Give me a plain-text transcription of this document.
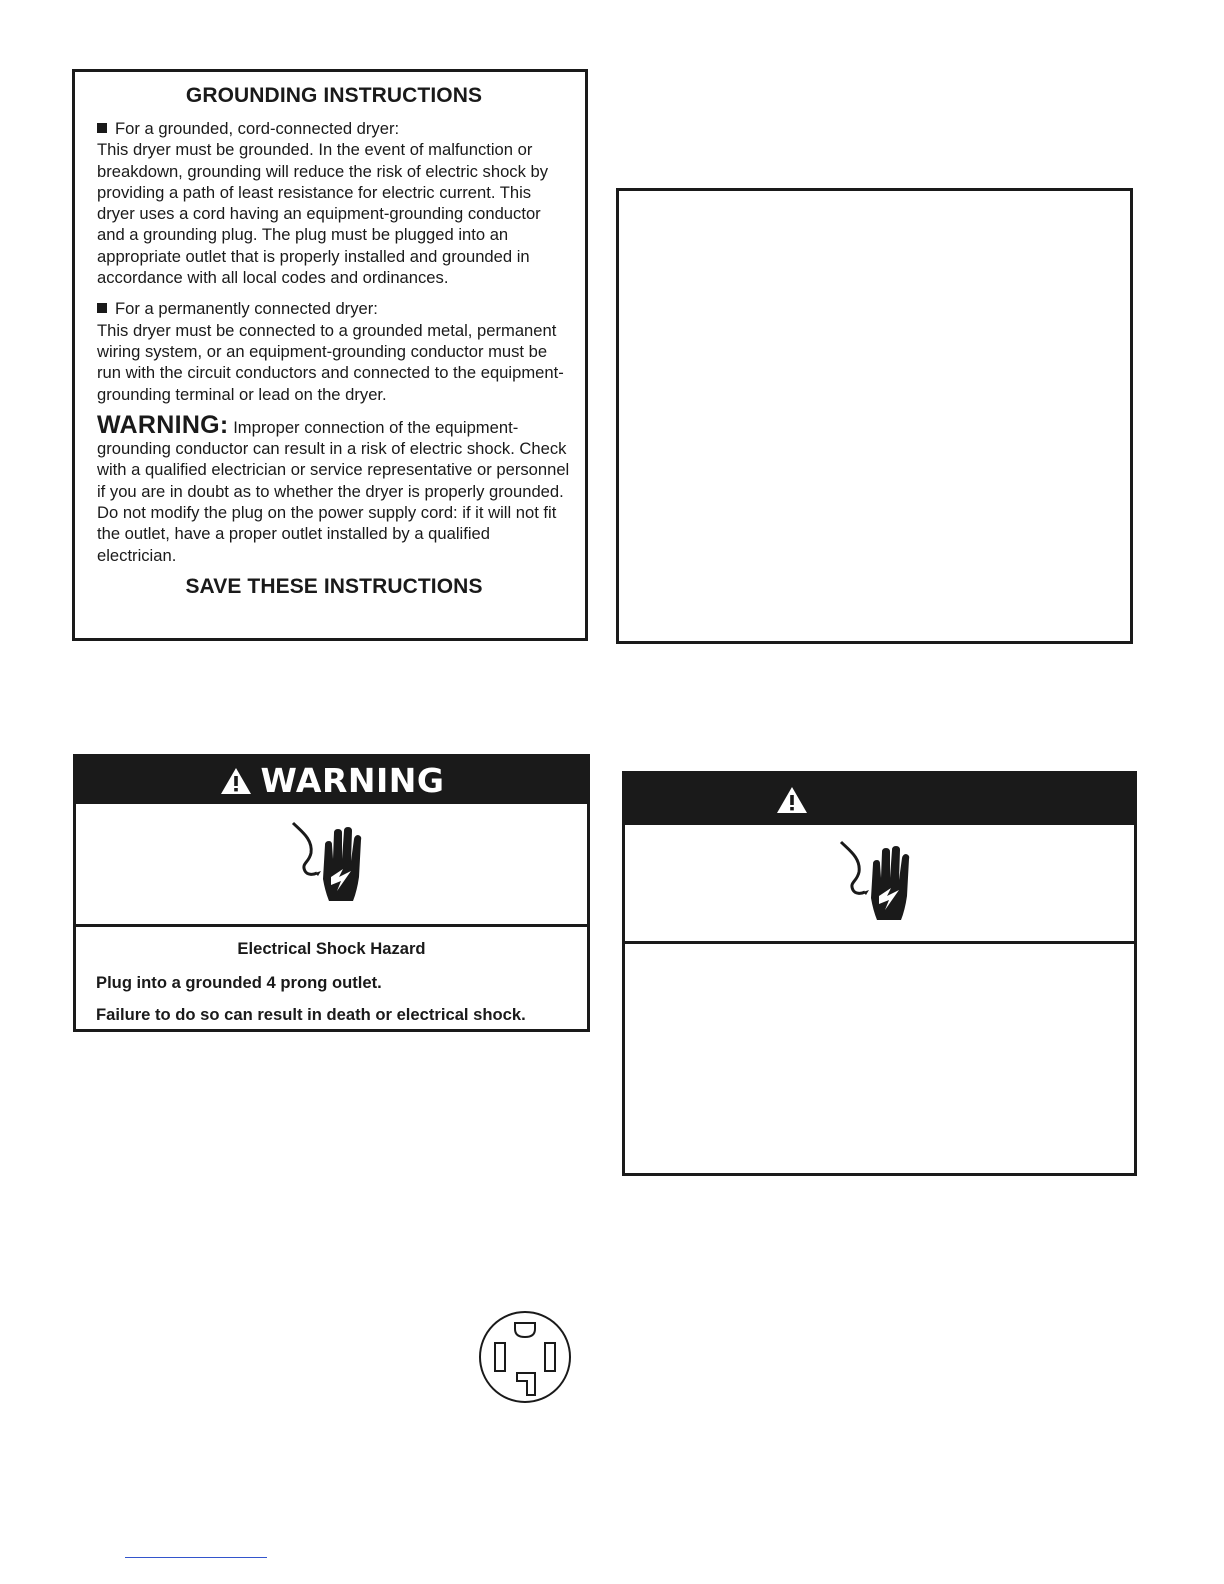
GROUNDING INSTRUCTIONS

For a grounded, cord-connected dryer:

This dryer must be grounded. In the event of malfunction or breakdown, grounding will reduce the risk of electric shock by providing a path of least resistance for electric current. This dryer uses a cord having an equipment-grounding conductor and a grounding plug. The plug must be plugged into an appropriate outlet that is properly installed and grounded in accordance with all local codes and ordinances.

For a permanently connected dryer:

This dryer must be connected to a grounded metal, permanent wiring system, or an equipment-grounding conductor must be run with the circuit conductors and connected to the equipment-grounding terminal or lead on the dryer.

WARNING: Improper connection of the equipment-grounding conductor can result in a risk of electric shock. Check with a qualified electrician or service representative or personnel if you are in doubt as to whether the dryer is properly grounded. Do not modify the plug on the power supply cord: if it will not fit the outlet, have a proper outlet installed by a qualified electrician.

SAVE THESE INSTRUCTIONS
WARNING
Electrical Shock Hazard
Plug into a grounded 4 prong outlet.
Failure to do so can result in death or electrical shock.
